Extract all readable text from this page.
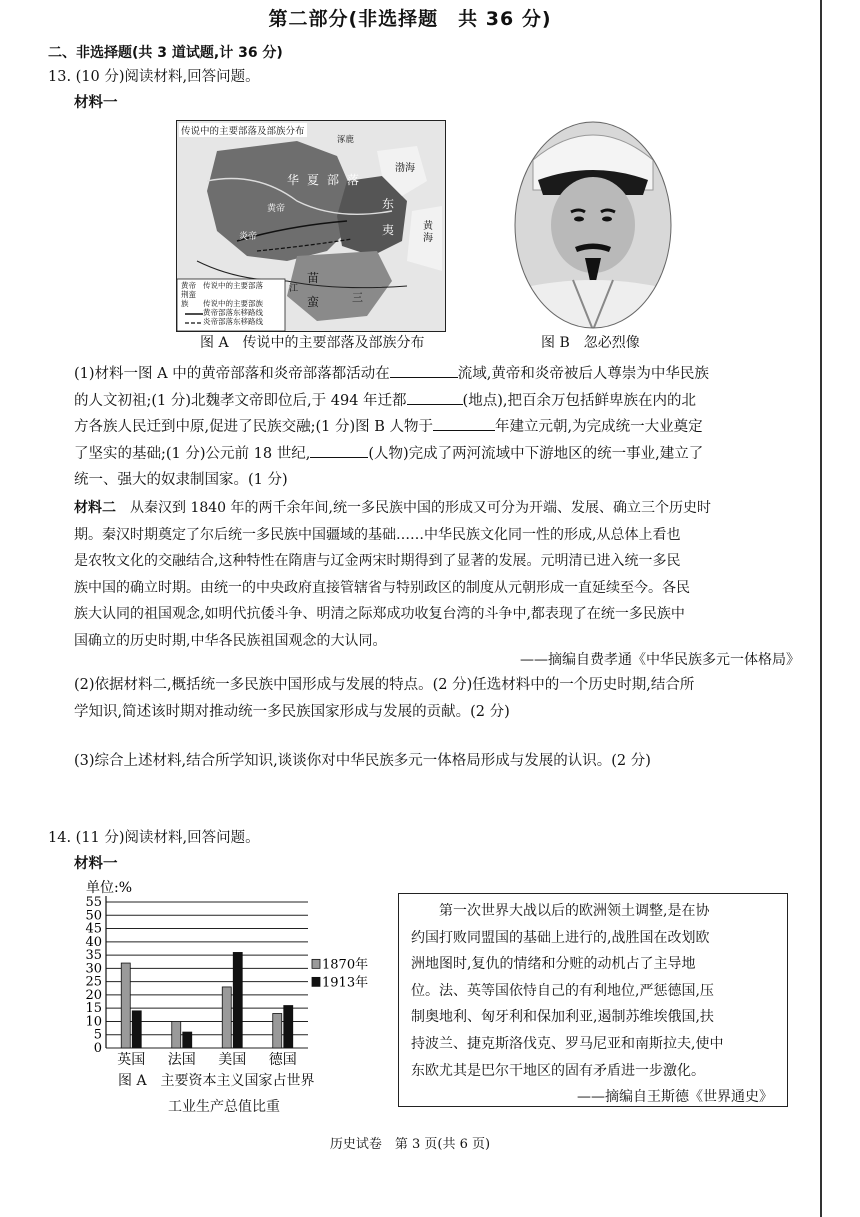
第二部分(非选择题　共 36 分)
二、非选择题(共 3 道试题,计 36 分)
13. (10 分)阅读材料,回答问题。
材料一
传说中的主要部落及部族分布
华 夏 部 落
黄帝
炎帝
东
夷
苗
蛮	三
涿鹿
渤海
黄海
江
黄帝 传说中的主要部落
荆蛮族 传说中的主要部族
黄帝部落东移路线
炎帝部落东移路线
图 A　传说中的主要部落及部族分布	图 B　忽必烈像
(1)材料一图 A 中的黄帝部落和炎帝部落都活动在	流域,黄帝和炎帝被后人尊崇为中华民族
的人文初祖;(1 分)北魏孝文帝即位后,于 494 年迁都	(地点),把百余万包括鲜卑族在内的北
方各族人民迁到中原,促进了民族交融;(1 分)图 B 人物于	年建立元朝,为完成统一大业奠定
了坚实的基础;(1 分)公元前 18 世纪,	(人物)完成了两河流域中下游地区的统一事业,建立了
统一、强大的奴隶制国家。(1 分)
材料二　 从秦汉到 1840 年的两千余年间,统一多民族中国的形成又可分为开端、发展、确立三个历史时
期。秦汉时期奠定了尔后统一多民族中国疆域的基础……中华民族文化同一性的形成,从总体上看也
是农牧文化的交融结合,这种特性在隋唐与辽金两宋时期得到了显著的发展。元明清已进入统一多民
族中国的确立时期。由统一的中央政府直接管辖省与特别政区的制度从元朝形成一直延续至今。各民
族大认同的祖国观念,如明代抗倭斗争、明清之际郑成功收复台湾的斗争中,都表现了在统一多民族中
国确立的历史时期,中华各民族祖国观念的大认同。
——摘编自费孝通《中华民族多元一体格局》
(2)依据材料二,概括统一多民族中国形成与发展的特点。(2 分)任选材料中的一个历史时期,结合所
学知识,简述该时期对推动统一多民族国家形成与发展的贡献。(2 分)
(3)综合上述材料,结合所学知识,谈谈你对中华民族多元一体格局形成与发展的认识。(2 分)
14. (11 分)阅读材料,回答问题。
材料一
单位:%
0
5
10
15
20
25
30
35
40
45
50
55
英国 法国 美国 德国
1870年
1913年
图 A　主要资本主义国家占世界
工业生产总值比重
第一次世界大战以后的欧洲领土调整,是在协
约国打败同盟国的基础上进行的,战胜国在改划欧
洲地图时,复仇的情绪和分赃的动机占了主导地
位。法、英等国依恃自己的有利地位,严惩德国,压
制奥地利、匈牙利和保加利亚,遏制苏维埃俄国,扶
持波兰、捷克斯洛伐克、罗马尼亚和南斯拉夫,使中
东欧尤其是巴尔干地区的固有矛盾进一步激化。
——摘编自王斯德《世界通史》
历史试卷　第 3 页(共 6 页)
